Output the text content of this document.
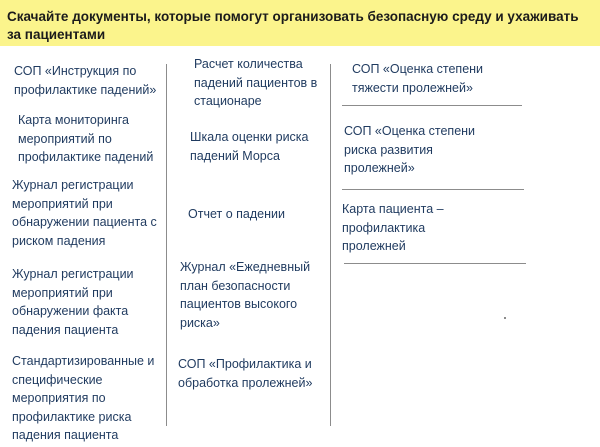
Скачайте документы, которые помогут организовать безопасную среду и ухаживать за пациентами

СОП «Инструкция по профилактике падений»
Карта мониторинга мероприятий по профилактике падений
Журнал регистрации мероприятий при обнаружении пациента с риском падения
Журнал регистрации мероприятий при обнаружении факта падения пациента
Стандартизированные и специфические мероприятия по профилактике риска падения пациента
Расчет количества падений пациентов в стационаре
Шкала оценки риска падений Морса
Отчет о падении
Журнал «Ежедневный план безопасности пациентов высокого риска»
СОП «Профилактика и обработка пролежней»
СОП «Оценка степени тяжести пролежней»
СОП «Оценка степени риска развития пролежней»
Карта пациента – профилактика пролежней
